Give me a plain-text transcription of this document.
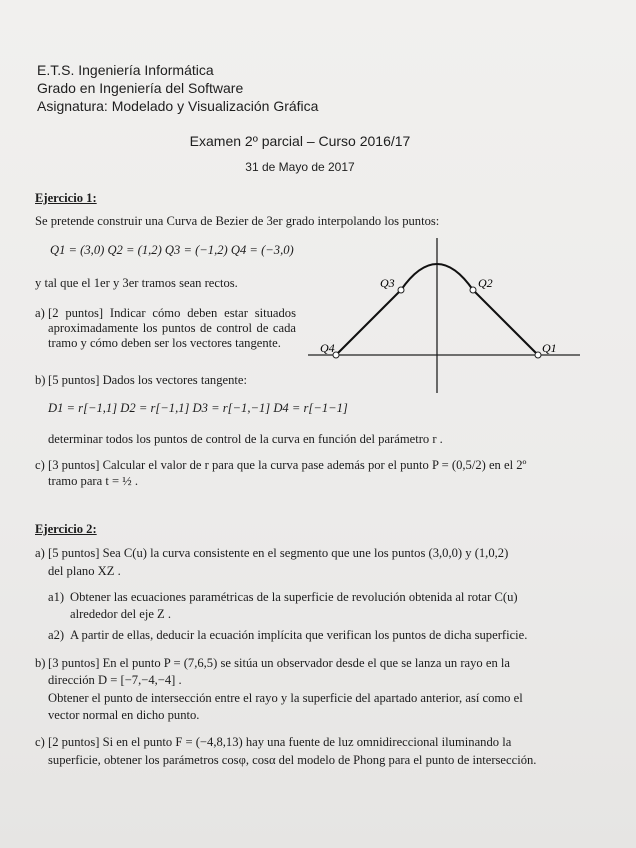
E.T.S. Ingeniería Informática
Grado en Ingeniería del Software
Asignatura: Modelado y Visualización Gráfica
Examen 2º parcial – Curso 2016/17
31 de Mayo de 2017
Ejercicio 1:
Se pretende construir una Curva de Bezier de 3er grado interpolando los puntos:
Q1 = (3,0) Q2 = (1,2) Q3 = (−1,2) Q4 = (−3,0)
y tal que el 1er y 3er tramos sean rectos.
a) [2 puntos] Indicar cómo deben estar situados aproximadamente los puntos de control de cada tramo y cómo deben ser los vectores tangente.
b) [5 puntos] Dados los vectores tangente:
D1 = r[−1,1] D2 = r[−1,1] D3 = r[−1,−1] D4 = r[−1−1]
determinar todos los puntos de control de la curva en función del parámetro r .
c) [3 puntos] Calcular el valor de r para que la curva pase además por el punto P = (0,5/2) en el 2º
tramo para t = ½ .
Q4
Q3	Q2
Q1
Ejercicio 2:
a) [5 puntos] Sea C(u) la curva consistente en el segmento que une los puntos (3,0,0) y (1,0,2)
del plano XZ .
a1) Obtener las ecuaciones paramétricas de la superficie de revolución obtenida al rotar C(u)
alrededor del eje Z .
a2) A partir de ellas, deducir la ecuación implícita que verifican los puntos de dicha superficie.
b) [3 puntos] En el punto P = (7,6,5) se sitúa un observador desde el que se lanza un rayo en la
dirección D = [−7,−4,−4] .
Obtener el punto de intersección entre el rayo y la superficie del apartado anterior, así como el
vector normal en dicho punto.
c) [2 puntos] Si en el punto F = (−4,8,13) hay una fuente de luz omnidireccional iluminando la
superficie, obtener los parámetros cosφ, cosα del modelo de Phong para el punto de intersección.
